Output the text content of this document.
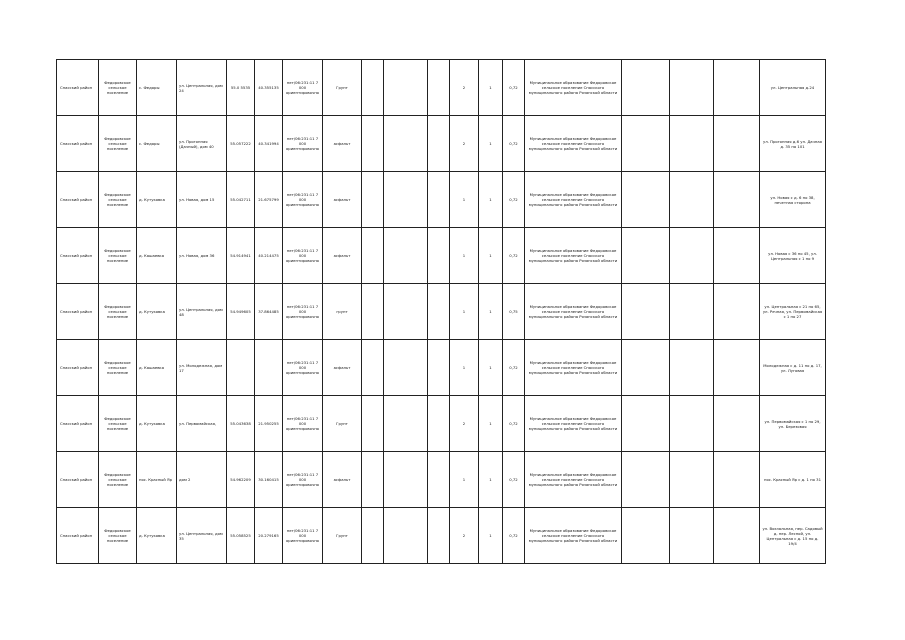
Спасский район	Федоровское сельское поселение	с. Федоры	ул. Центральная, дом 24	55.0 5535	40.355135	нет/06:231:11 7 000 ориентировочно	Грунт				2	1	0,72	Муниципальное образование Федоровское сельское поселение Спасского муниципального района Рязанской области				ул. Центральная д.24
Спасский район	Федоровское сельское поселение	с. Федоры	ул. Прогонная (Дачный), дом 40	55.057222	40.341994	нет/06:231:11 7 000 ориентировочно	асфальт				2	1	0,72	Муниципальное образование Федоровское сельское поселение Спасского муниципального района Рязанской области				ул. Прогонная д.6 ул. Дачная д. 35 по 101
Спасский район	Федоровское сельское поселение	д. Кутуковка	ул. Новая, дом 15	55.042711	21.675799	нет/06:231:11 7 000 ориентировочно	асфальт				1	1	0,72	Муниципальное образование Федоровское сельское поселение Спасского муниципального района Рязанской области				ул. Новая с д. 6 по 38, нечетная сторона
Спасский район	Федоровское сельское поселение	д. Кашаевка	ул. Новая, дом 36	54.914941	40.214475	нет/06:231:11 7 000 ориентировочно	асфальт				1	1	0,72	Муниципальное образование Федоровское сельское поселение Спасского муниципального района Рязанской области				ул. Новая с 36 по 45, ул. Центральная с 1 по 9
Спасский район	Федоровское сельское поселение	д. Кутуковка	ул. Центральная, дом 48	54.949605	37.864485	нет/06:231:11 7 000 ориентировочно	грунт				1	1	0,75	Муниципальное образование Федоровское сельское поселение Спасского муниципального района Рязанской области				ул. Центральная с 21 по 65, ул. Речная, ул. Первомайская с 1 по 27
Спасский район	Федоровское сельское поселение	д. Кашаевка	ул. Молодежная, дом 17			нет/06:231:11 7 000 ориентировочно	асфальт				1	1	0,72	Муниципальное образование Федоровское сельское поселение Спасского муниципального района Рязанской области				Молодежная с д. 11 по д. 17, ул. Луговая
Спасский район	Федоровское сельское поселение	д. Кутуковка	ул. Первомайская,	55.043638	21.950255	нет/06:231:11 7 000 ориентировочно	Грунт				2	1	0,72	Муниципальное образование Федоровское сельское поселение Спасского муниципального района Рязанской области				ул. Первомайская с 1 по 29, ул. Березовая
Спасский район	Федоровское сельское поселение	пос. Красный Яр	дом 2	54.962209	30.160415	нет/06:231:11 7 000 ориентировочно	асфальт				1	1	0,72	Муниципальное образование Федоровское сельское поселение Спасского муниципального района Рязанской области				пос. Красный Яр с д. 1 по 31
Спасский район	Федоровское сельское поселение	д. Кутуковка	ул. Центральная, дом 35	55.058525	20.279165	нет/06:231:11 7 000 ориентировочно	Грунт				2	1	0,72	Муниципальное образование Федоровское сельское поселение Спасского муниципального района Рязанской области				ул. Вокзальная, пер. Садовый д. пер. Лесной, ул. Центральная с д. 15 по д. 19/4
